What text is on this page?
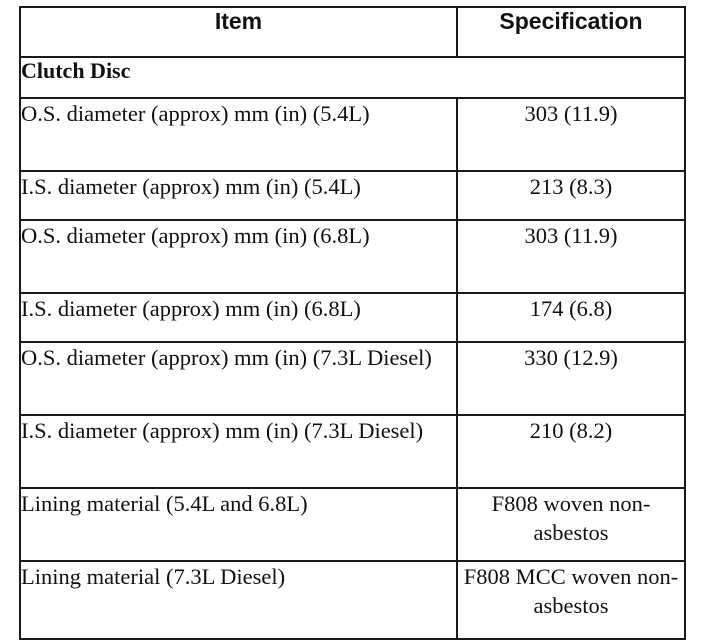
Item	Specification
Clutch Disc	
O.S. diameter (approx) mm (in) (5.4L)	303 (11.9)
I.S. diameter (approx) mm (in) (5.4L)	213 (8.3)
O.S. diameter (approx) mm (in) (6.8L)	303 (11.9)
I.S. diameter (approx) mm (in) (6.8L)	174 (6.8)
O.S. diameter (approx) mm (in) (7.3L Diesel)	330 (12.9)
I.S. diameter (approx) mm (in) (7.3L Diesel)	210 (8.2)
Lining material (5.4L and 6.8L)	F808 woven non-asbestos
Lining material (7.3L Diesel)	F808 MCC woven non-asbestos
